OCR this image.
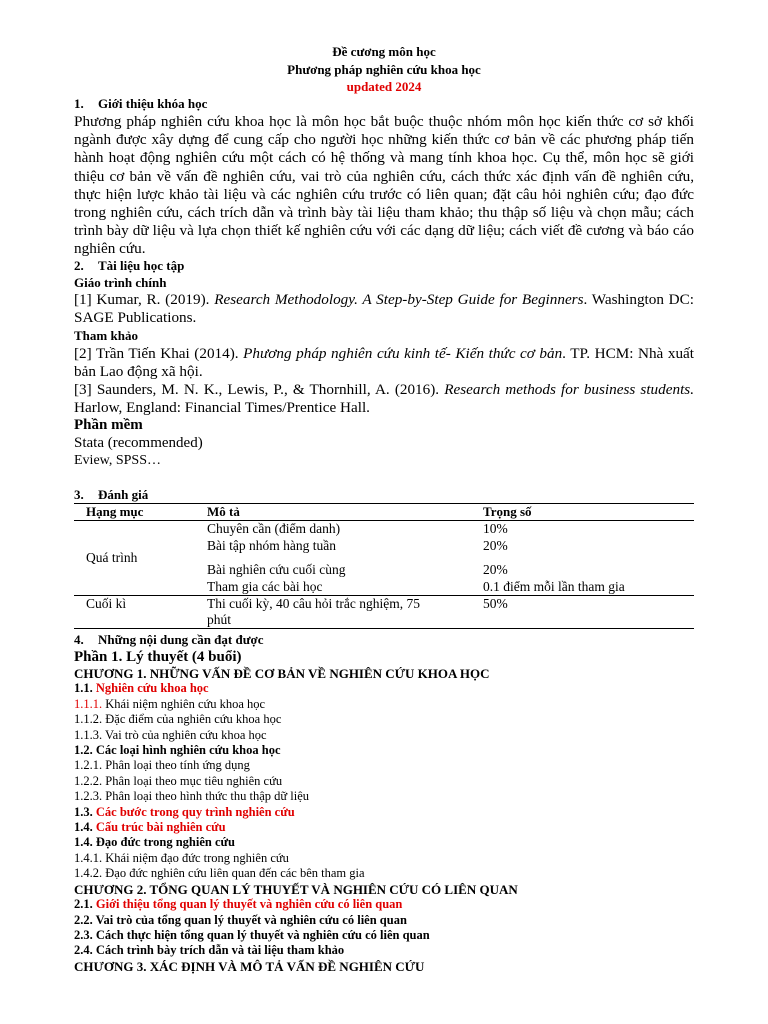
Đề cương môn học
Phương pháp nghiên cứu khoa học
updated 2024
1. Giới thiệu khóa học

Phương pháp nghiên cứu khoa học là môn học bắt buộc thuộc nhóm môn học kiến thức cơ sở khối ngành được xây dựng để cung cấp cho người học những kiến thức cơ bản về các phương pháp tiến hành hoạt động nghiên cứu một cách có hệ thống và mang tính khoa học. Cụ thể, môn học sẽ giới thiệu cơ bản về vấn đề nghiên cứu, vai trò của nghiên cứu, cách thức xác định vấn đề nghiên cứu, thực hiện lược khảo tài liệu và các nghiên cứu trước có liên quan; đặt câu hỏi nghiên cứu; đạo đức trong nghiên cứu, cách trích dẫn và trình bày tài liệu tham khảo; thu thập số liệu và chọn mẫu; cách trình bày dữ liệu và lựa chọn thiết kế nghiên cứu với các dạng dữ liệu; cách viết đề cương và báo cáo nghiên cứu.

2. Tài liệu học tập
Giáo trình chính

[1] Kumar, R. (2019). Research Methodology. A Step-by-Step Guide for Beginners. Washington DC: SAGE Publications.

Tham khảo

[2] Trần Tiến Khai (2014). Phương pháp nghiên cứu kinh tế- Kiến thức cơ bản. TP. HCM: Nhà xuất bản Lao động xã hội.

[3] Saunders, M. N. K., Lewis, P., & Thornhill, A. (2016). Research methods for business students. Harlow, England: Financial Times/Prentice Hall.

Phần mềm
Stata (recommended)
Eview, SPSS…
3. Đánh giá
Hạng mục	Mô tả	Trọng số
Quá trình	Chuyên cần (điểm danh)	10%
	Bài tập nhóm hàng tuần	20%
	Bài nghiên cứu cuối cùng	20%
	Tham gia các bài học	0.1 điểm mỗi lần tham gia
Cuối kì	Thi cuối kỳ, 40 câu hỏi trắc nghiệm, 75 phút	50%
4. Những nội dung cần đạt được
Phần 1. Lý thuyết (4 buổi)
CHƯƠNG 1. NHỮNG VẤN ĐỀ CƠ BẢN VỀ NGHIÊN CỨU KHOA HỌC
1.1. Nghiên cứu khoa học
1.1.1. Khái niệm nghiên cứu khoa học
1.1.2. Đặc điểm của nghiên cứu khoa học
1.1.3. Vai trò của nghiên cứu khoa học
1.2. Các loại hình nghiên cứu khoa học
1.2.1. Phân loại theo tính ứng dụng
1.2.2. Phân loại theo mục tiêu nghiên cứu
1.2.3. Phân loại theo hình thức thu thập dữ liệu
1.3. Các bước trong quy trình nghiên cứu
1.4. Cấu trúc bài nghiên cứu
1.4. Đạo đức trong nghiên cứu
1.4.1. Khái niệm đạo đức trong nghiên cứu
1.4.2. Đạo đức nghiên cứu liên quan đến các bên tham gia
CHƯƠNG 2. TỔNG QUAN LÝ THUYẾT VÀ NGHIÊN CỨU CÓ LIÊN QUAN
2.1. Giới thiệu tổng quan lý thuyết và nghiên cứu có liên quan
2.2. Vai trò của tổng quan lý thuyết và nghiên cứu có liên quan
2.3. Cách thực hiện tổng quan lý thuyết và nghiên cứu có liên quan
2.4. Cách trình bày trích dẫn và tài liệu tham khảo
CHƯƠNG 3. XÁC ĐỊNH VÀ MÔ TẢ VẤN ĐỀ NGHIÊN CỨU
